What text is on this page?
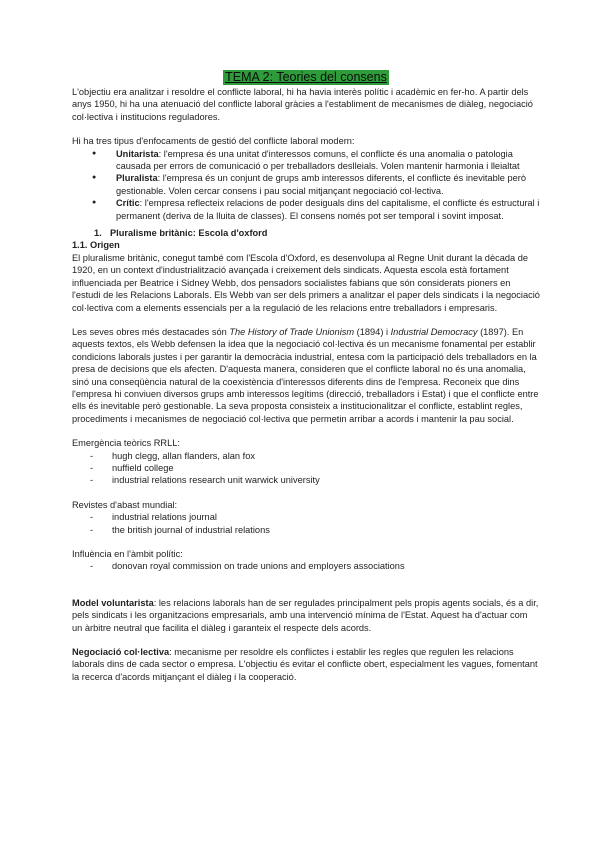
TEMA 2: Teories del consens

L'objectiu era analitzar i resoldre el conflicte laboral, hi ha havia interès polític i acadèmic en fer-ho. A partir dels anys 1950, hi ha una atenuació del conflicte laboral gràcies a l'establiment de mecanismes de diàleg, negociació col·lectiva i institucions reguladores.

Hi ha tres tipus d'enfocaments de gestió del conflicte laboral modern:

● Unitarista: l'empresa és una unitat d'interessos comuns, el conflicte és una anomalia o patologia causada per errors de comunicació o per treballadors deslleials. Volen mantenir harmonia i lleialtat
● Pluralista: l'empresa és un conjunt de grups amb interessos diferents, el conflicte és inevitable però gestionable. Volen cercar consens i pau social mitjançant negociació col·lectiva.
● Crític: l'empresa reflecteix relacions de poder desiguals dins del capitalisme, el conflicte és estructural i permanent (deriva de la lluita de classes). El consens només pot ser temporal i sovint imposat.
1. Pluralisme britànic: Escola d'oxford
1.1. Origen

El pluralisme britànic, conegut també com l'Escola d'Oxford, es desenvolupa al Regne Unit durant la dècada de 1920, en un context d'industrialització avançada i creixement dels sindicats. Aquesta escola està fortament influenciada per Beatrice i Sidney Webb, dos pensadors socialistes fabians que són considerats pioners en l'estudi de les Relacions Laborals. Els Webb van ser dels primers a analitzar el paper dels sindicats i la negociació col·lectiva com a elements essencials per a la regulació de les relacions entre treballadors i empresaris.

Les seves obres més destacades són The History of Trade Unionism (1894) i Industrial Democracy (1897). En aquests textos, els Webb defensen la idea que la negociació col·lectiva és un mecanisme fonamental per establir condicions laborals justes i per garantir la democràcia industrial, entesa com la participació dels treballadors en la presa de decisions que els afecten. D'aquesta manera, consideren que el conflicte laboral no és una anomalia, sinó una conseqüència natural de la coexistència d'interessos diferents dins de l'empresa. Reconeix que dins l'empresa hi conviuen diversos grups amb interessos legítims (direcció, treballadors i Estat) i que el conflicte entre ells és inevitable però gestionable. La seva proposta consisteix a institucionalitzar el conflicte, establint regles, procediments i mecanismes de negociació col·lectiva que permetin arribar a acords i mantenir la pau social.

Emergència teòrics RRLL:

- hugh clegg, allan flanders, alan fox
- nuffield college
- industrial relations research unit warwick university

Revistes d'abast mundial:

- industrial relations journal
- the british journal of industrial relations

Influència en l'àmbit polític:

- donovan royal commission on trade unions and employers associations

Model voluntarista: les relacions laborals han de ser regulades principalment pels propis agents socials, és a dir, pels sindicats i les organitzacions empresarials, amb una intervenció mínima de l'Estat. Aquest ha d'actuar com un àrbitre neutral que facilita el diàleg i garanteix el respecte dels acords.

Negociació col·lectiva: mecanisme per resoldre els conflictes i establir les regles que regulen les relacions laborals dins de cada sector o empresa. L'objectiu és evitar el conflicte obert, especialment les vagues, fomentant la recerca d'acords mitjançant el diàleg i la cooperació.
